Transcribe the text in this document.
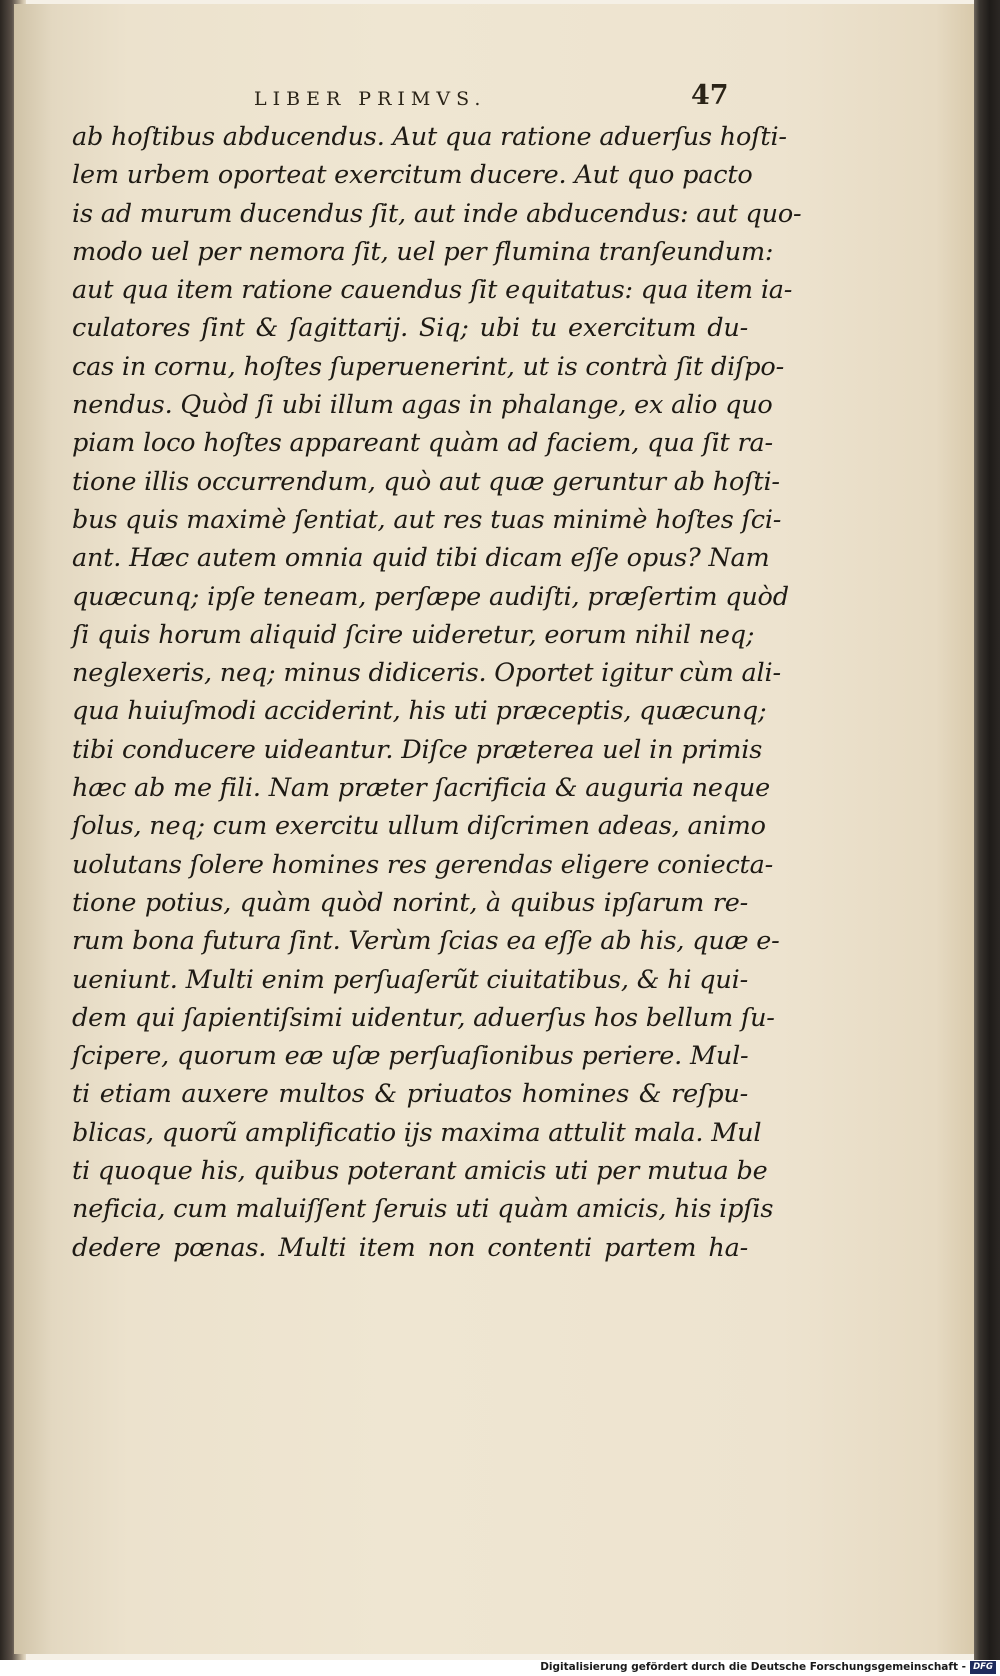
LIBER PRIMVS.	47
ab hoſtibus abducendus. Aut qua ratione aduerſus hoſti-
lem urbem oporteat exercitum ducere. Aut quo pacto
is ad murum ducendus ſit, aut inde abducendus: aut quo-
modo uel per nemora ſit, uel per flumina tranſeundum:
aut qua item ratione cauendus ſit equitatus: qua item ia-
culatores ſint & ſagittarij. Siq; ubi tu exercitum du-
cas in cornu, hoſtes ſuperuenerint, ut is contrà ſit diſpo-
nendus. Quòd ſi ubi illum agas in phalange, ex alio quo
piam loco hoſtes appareant quàm ad faciem, qua ſit ra-
tione illis occurrendum, quò aut quæ geruntur ab hoſti-
bus quis maximè ſentiat, aut res tuas minimè hoſtes ſci-
ant. Hæc autem omnia quid tibi dicam eſſe opus? Nam
quæcunq; ipſe teneam, perſæpe audiſti, præſertim quòd
ſi quis horum aliquid ſcire uideretur, eorum nihil neq;
neglexeris, neq; minus didiceris. Oportet igitur cùm ali-
qua huiuſmodi acciderint, his uti præceptis, quæcunq;
tibi conducere uideantur. Diſce præterea uel in primis
hæc ab me fili. Nam præter ſacrificia & auguria neque
ſolus, neq; cum exercitu ullum diſcrimen adeas, animo
uolutans ſolere homines res gerendas eligere coniecta-
tione potius, quàm quòd norint, à quibus ipſarum re-
rum bona futura ſint. Verùm ſcias ea eſſe ab his, quæ e-
ueniunt. Multi enim perſuaſerũt ciuitatibus, & hi qui-
dem qui ſapientiſsimi uidentur, aduerſus hos bellum ſu-
ſcipere, quorum eæ uſæ perſuaſionibus periere. Mul-
ti etiam auxere multos & priuatos homines & reſpu-
blicas, quorũ amplificatio iјs maxima attulit mala. Mul
ti quoque his, quibus poterant amicis uti per mutua be
neficia, cum maluiſſent ſeruis uti quàm amicis, his ipſis
dedere pœnas. Multi item non contenti partem ha-
Digitalisierung gefördert durch die Deutsche Forschungsgemeinschaft - DFG
